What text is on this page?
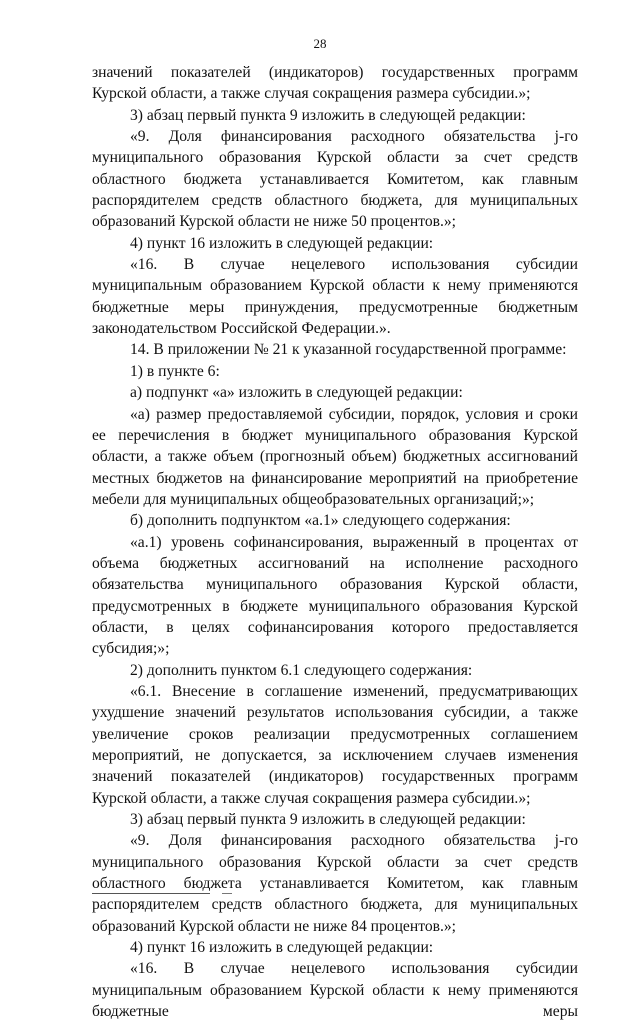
28

значений показателей (индикаторов) государственных программ Курской области, а также случая сокращения размера субсидии.»;

3) абзац первый пункта 9 изложить в следующей редакции:

«9. Доля финансирования расходного обязательства j-го муниципального образования Курской области за счет средств областного бюджета устанавливается Комитетом, как главным распорядителем средств областного бюджета, для муниципальных образований Курской области не ниже 50 процентов.»;

4) пункт 16 изложить в следующей редакции:

«16. В случае нецелевого использования субсидии муниципальным образованием Курской области к нему применяются бюджетные меры принуждения, предусмотренные бюджетным законодательством Российской Федерации.».

14. В приложении № 21 к указанной государственной программе:

1) в пункте 6:

а) подпункт «а» изложить в следующей редакции:

«а) размер предоставляемой субсидии, порядок, условия и сроки ее перечисления в бюджет муниципального образования Курской области, а также объем (прогнозный объем) бюджетных ассигнований местных бюджетов на финансирование мероприятий на приобретение мебели для муниципальных общеобразовательных организаций;»;

б) дополнить подпунктом «а.1» следующего содержания:

«а.1) уровень софинансирования, выраженный в процентах от объема бюджетных ассигнований на исполнение расходного обязательства муниципального образования Курской области, предусмотренных в бюджете муниципального образования Курской области, в целях софинансирования которого предоставляется субсидия;»;

2) дополнить пунктом 6.1 следующего содержания:

«6.1. Внесение в соглашение изменений, предусматривающих ухудшение значений результатов использования субсидии, а также увеличение сроков реализации предусмотренных соглашением мероприятий, не допускается, за исключением случаев изменения значений показателей (индикаторов) государственных программ Курской области, а также случая сокращения размера субсидии.»;

3) абзац первый пункта 9 изложить в следующей редакции:

«9. Доля финансирования расходного обязательства j-го муниципального образования Курской области за счет средств областного бюджета устанавливается Комитетом, как главным распорядителем средств областного бюджета, для муниципальных образований Курской области не ниже 84 процентов.»;

4) пункт 16 изложить в следующей редакции:

«16. В случае нецелевого использования субсидии муниципальным образованием Курской области к нему применяются бюджетные меры
